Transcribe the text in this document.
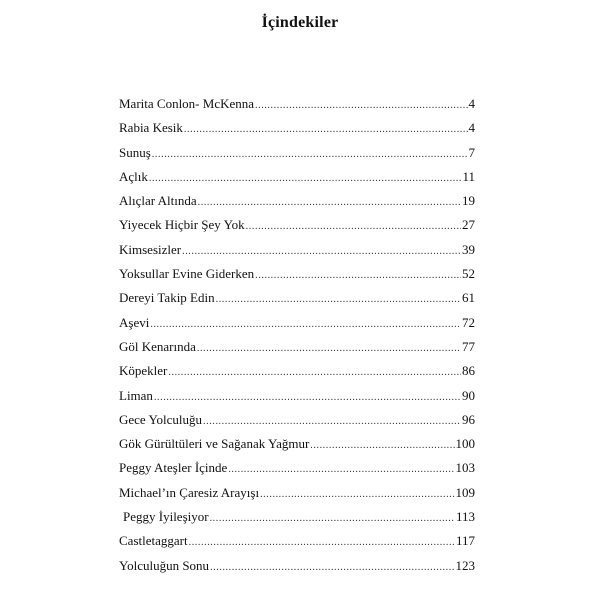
İçindekiler
Marita Conlon- McKenna .....	4
Rabia Kesik .....	4
Sunuş .....	7
Açlık .....	11
Alıçlar Altında .....	19
Yiyecek Hiçbir Şey Yok .....	27
Kimsesizler .....	39
Yoksullar Evine Giderken .....	52
Dereyi Takip Edin .....	61
Aşevi .....	72
Göl Kenarında .....	77
Köpekler .....	86
Liman .....	90
Gece Yolculuğu .....	96
Gök Gürültüleri ve Sağanak Yağmur .....	100
Peggy Ateşler İçinde .....	103
Michael’ın Çaresiz Arayışı .....	109
Peggy İyileşiyor .....	113
Castletaggart .....	117
Yolculuğun Sonu .....	123
